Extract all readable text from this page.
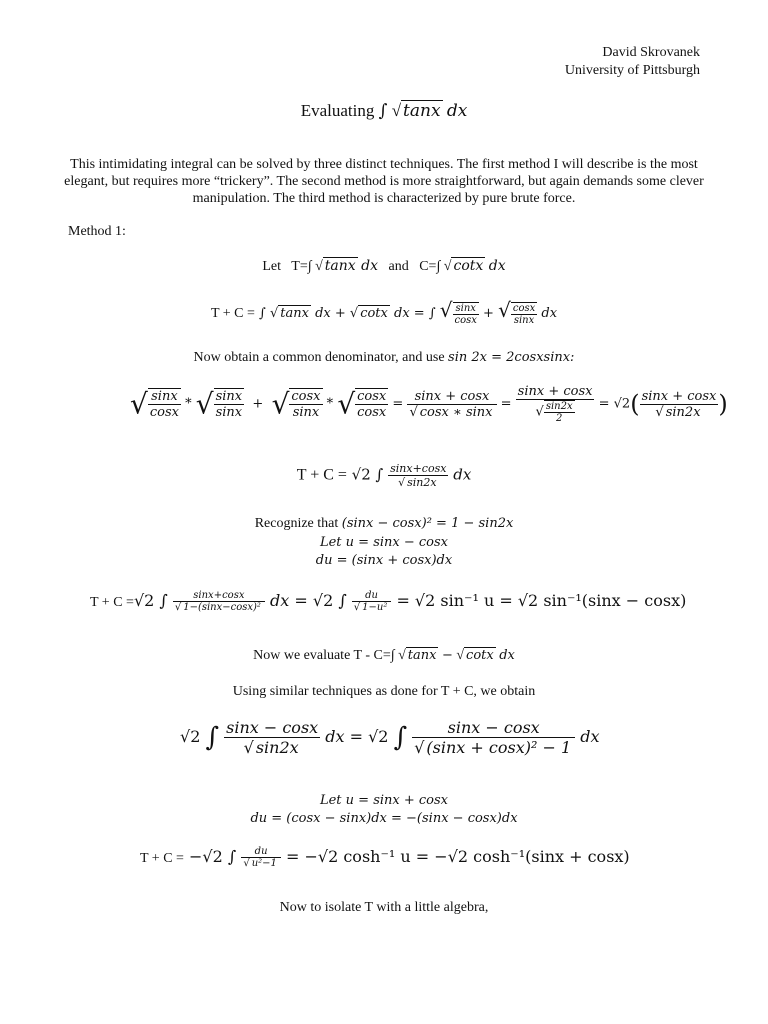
David Skrovanek
University of Pittsburgh
Evaluating ∫ √ tanx dx
This intimidating integral can be solved by three distinct techniques. The first method I will describe is the most
elegant, but requires more “trickery”. The second method is more straightforward, but again demands some clever
manipulation. The third method is characterized by pure brute force.
Method 1:
Let T=∫ √ tanx dx and C=∫ √ cotx dx
T + C = ∫ √ tanx dx + √ cotx dx = ∫ √ $\frac{\sin x}{\cos x}$ + √ $\frac{\cos x}{\sin x}$ dx
Now obtain a common denominator, and use sin 2x = 2cosxsinx:
√ $\frac{\sin x}{\cos x}$ * √ $\frac{\sin x}{\sin x}$ +  √ $\frac{\cos x}{\sin x}$ * √ $\frac{\cos x}{\cos x} = \frac{\sin x + \cos x}{√ \cos x ∗ \sin x} = \frac{\sin x + \cos x}{√ \frac{\sin 2x}{2}} = √2( \frac{\sin x + \cos x}{√ \sin 2x}$ )
T + C = √2 ∫ $\frac{\sin x+\cos x}{√ \sin 2x}$ dx
Recognize that (sinx − cosx)² = 1 − sin2x
Let u = sinx − cosx
du = (sinx + cosx)dx
T + C =√2 ∫ $\frac{\sin x+\cos x}{\text{√ 1−(sinx−cosx)²}}$ dx = √2 ∫ $\frac{du}{\text{√ 1−u²}} = √2$ sin⁻¹ u = √2 sin⁻¹(sinx − cosx)
Now we evaluate T - C=∫ √ tanx − √ cotx dx
Using similar techniques as done for T + C, we obtain
√2 ∫ $\frac{\sin x - \cos x}{√ \sin 2x}$ dx = √2 ∫ $\frac{\sin x - \cos x}{\text{√ (sinx + cosx)² − 1}}$ dx
Let u = sinx + cosx
du = (cosx − sinx)dx = −(sinx − cosx)dx
T + C = −√2 ∫ $\frac{du}{\text{√ u²−1}} = -√2$ cosh⁻¹ u = −√2 cosh⁻¹(sinx + cosx)
Now to isolate T with a little algebra,
